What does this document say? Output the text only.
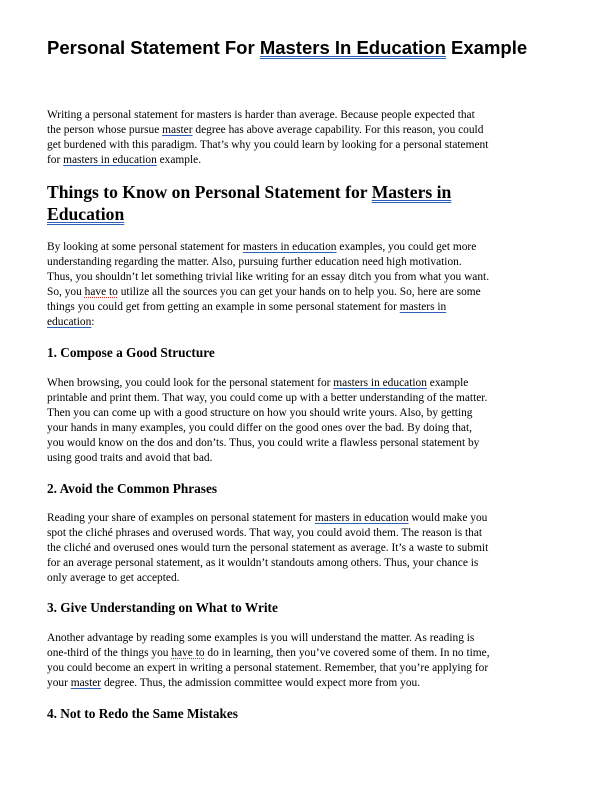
Personal Statement For Masters In Education Example

Writing a personal statement for masters is harder than average. Because people expected that
the person whose pursue master degree has above average capability. For this reason, you could
get burdened with this paradigm. That’s why you could learn by looking for a personal statement
for masters in education example.

Things to Know on Personal Statement for Masters in
Education

By looking at some personal statement for masters in education examples, you could get more
understanding regarding the matter. Also, pursuing further education need high motivation.
Thus, you shouldn’t let something trivial like writing for an essay ditch you from what you want.
So, you have to utilize all the sources you can get your hands on to help you. So, here are some
things you could get from getting an example in some personal statement for masters in
education:

1. Compose a Good Structure

When browsing, you could look for the personal statement for masters in education example
printable and print them. That way, you could come up with a better understanding of the matter.
Then you can come up with a good structure on how you should write yours. Also, by getting
your hands in many examples, you could differ on the good ones over the bad. By doing that,
you would know on the dos and don’ts. Thus, you could write a flawless personal statement by
using good traits and avoid that bad.

2. Avoid the Common Phrases

Reading your share of examples on personal statement for masters in education would make you
spot the cliché phrases and overused words. That way, you could avoid them. The reason is that
the cliché and overused ones would turn the personal statement as average. It’s a waste to submit
for an average personal statement, as it wouldn’t standouts among others. Thus, your chance is
only average to get accepted.

3. Give Understanding on What to Write

Another advantage by reading some examples is you will understand the matter. As reading is
one-third of the things you have to do in learning, then you’ve covered some of them. In no time,
you could become an expert in writing a personal statement. Remember, that you’re applying for
your master degree. Thus, the admission committee would expect more from you.

4. Not to Redo the Same Mistakes
